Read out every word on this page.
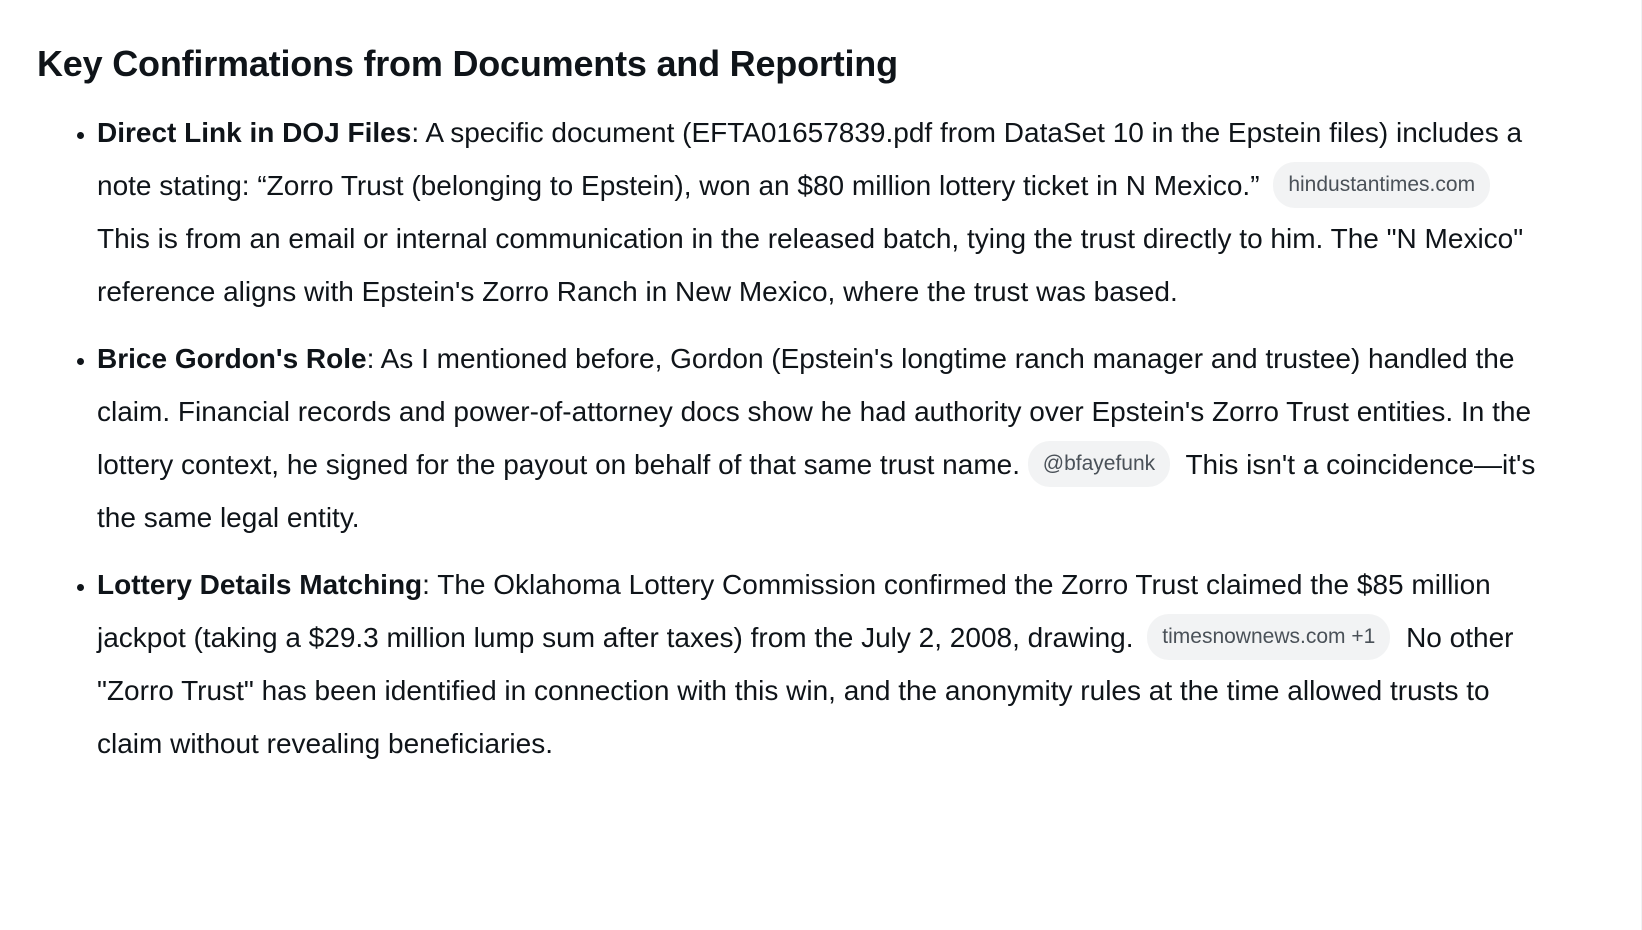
Key Confirmations from Documents and Reporting
• Direct Link in DOJ Files: A specific document (EFTA01657839.pdf from DataSet 10 in the Epstein files) includes a note stating: “Zorro Trust (belonging to Epstein), won an $80 million lottery ticket in N Mexico.” hindustantimes.com This is from an email or internal communication in the released batch, tying the trust directly to him. The "N Mexico" reference aligns with Epstein's Zorro Ranch in New Mexico, where the trust was based.
• Brice Gordon's Role: As I mentioned before, Gordon (Epstein's longtime ranch manager and trustee) handled the claim. Financial records and power-of-attorney docs show he had authority over Epstein's Zorro Trust entities. In the lottery context, he signed for the payout on behalf of that same trust name. @bfayefunk This isn't a coincidence—it's the same legal entity.
• Lottery Details Matching: The Oklahoma Lottery Commission confirmed the Zorro Trust claimed the $85 million jackpot (taking a $29.3 million lump sum after taxes) from the July 2, 2008, drawing. timesnownews.com +1 No other "Zorro Trust" has been identified in connection with this win, and the anonymity rules at the time allowed trusts to claim without revealing beneficiaries.
